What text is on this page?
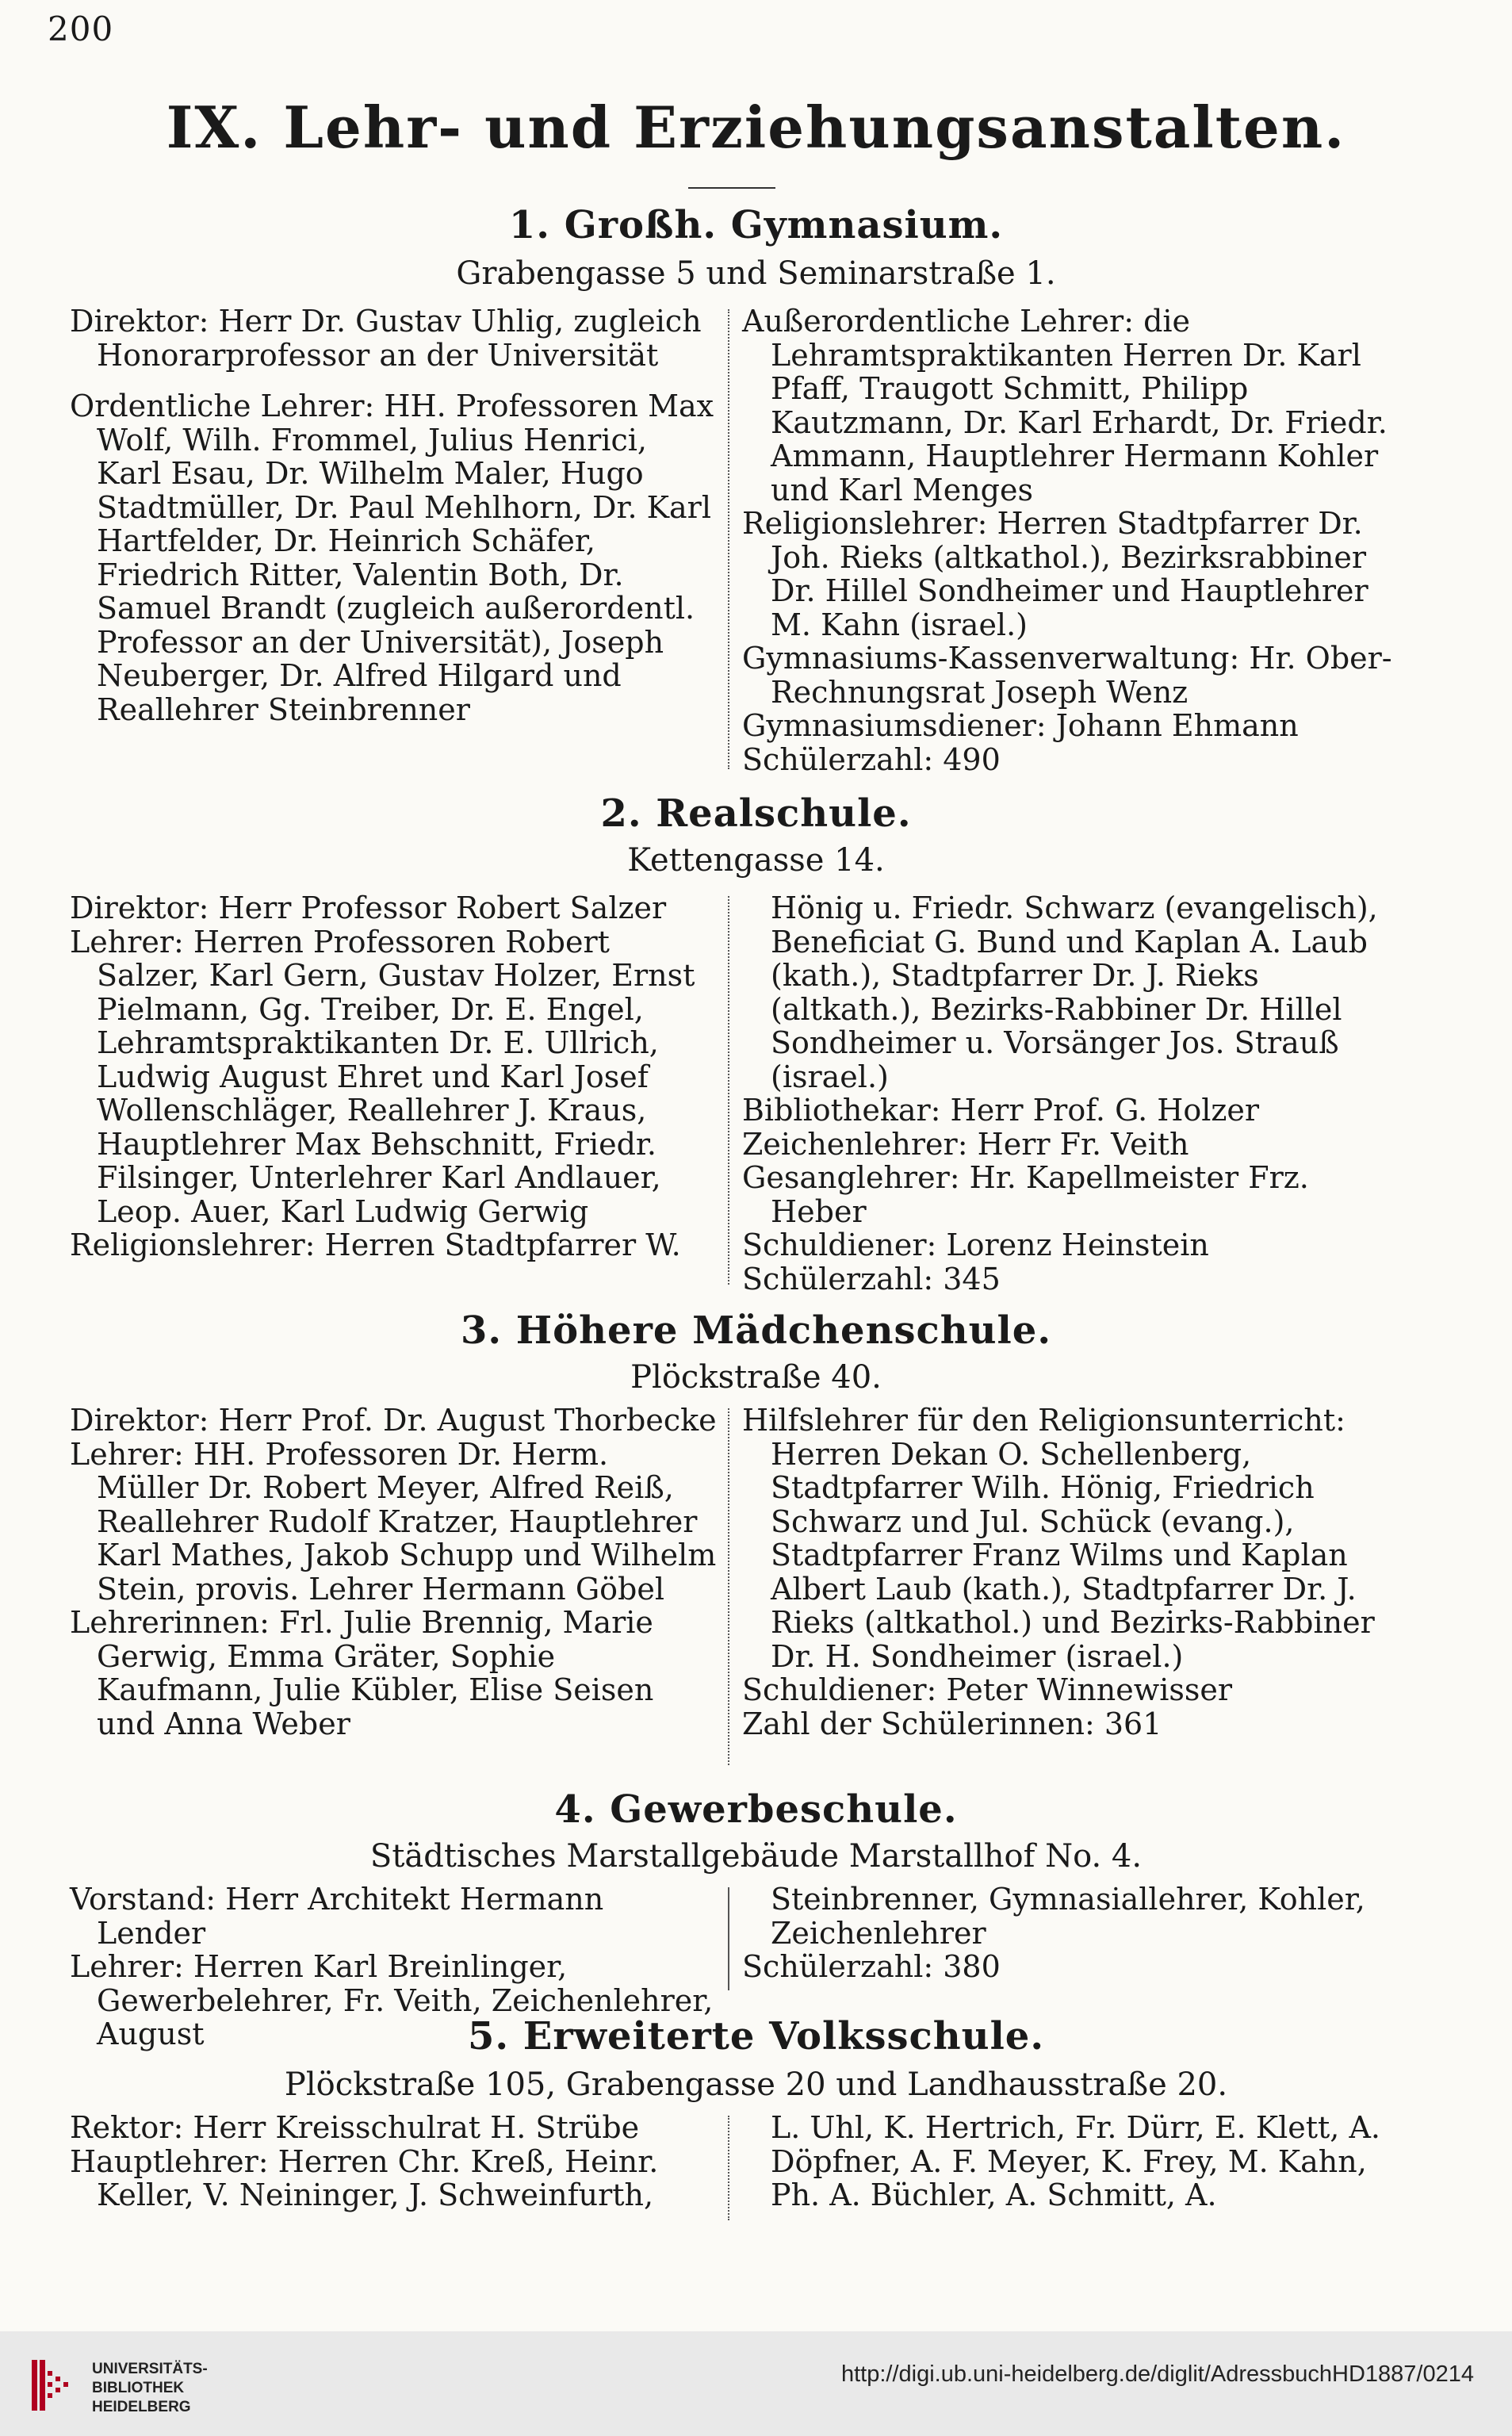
200
IX. Lehr- und Erziehungsanstalten.
1. Großh. Gymnasium.
Grabengasse 5 und Seminarstraße 1.

Direktor: Herr Dr. Gustav Uhlig, zugleich Honorarprofessor an der Universität

Ordentliche Lehrer: HH. Professoren Max Wolf, Wilh. Frommel, Julius Henrici, Karl Esau, Dr. Wilhelm Maler, Hugo Stadtmüller, Dr. Paul Mehlhorn, Dr. Karl Hartfelder, Dr. Heinrich Schäfer, Friedrich Ritter, Valentin Both, Dr. Samuel Brandt (zugleich außerordentl. Professor an der Universität), Joseph Neuberger, Dr. Alfred Hilgard und Reallehrer Steinbrenner

Außerordentliche Lehrer: die Lehramtspraktikanten Herren Dr. Karl Pfaff, Traugott Schmitt, Philipp Kautzmann, Dr. Karl Erhardt, Dr. Friedr. Ammann, Hauptlehrer Hermann Kohler und Karl Menges

Religionslehrer: Herren Stadtpfarrer Dr. Joh. Rieks (altkathol.), Bezirksrabbiner Dr. Hillel Sondheimer und Hauptlehrer M. Kahn (israel.)

Gymnasiums-Kassenverwaltung: Hr. Ober-Rechnungsrat Joseph Wenz

Gymnasiumsdiener: Johann Ehmann

Schülerzahl: 490

2. Realschule.
Kettengasse 14.

Direktor: Herr Professor Robert Salzer

Lehrer: Herren Professoren Robert Salzer, Karl Gern, Gustav Holzer, Ernst Pielmann, Gg. Treiber, Dr. E. Engel, Lehramtspraktikanten Dr. E. Ullrich, Ludwig August Ehret und Karl Josef Wollenschläger, Reallehrer J. Kraus, Hauptlehrer Max Behschnitt, Friedr. Filsinger, Unterlehrer Karl Andlauer, Leop. Auer, Karl Ludwig Gerwig

Religionslehrer: Herren Stadtpfarrer W.

Hönig u. Friedr. Schwarz (evangelisch), Beneficiat G. Bund und Kaplan A. Laub (kath.), Stadtpfarrer Dr. J. Rieks (altkath.), Bezirks-Rabbiner Dr. Hillel Sondheimer u. Vorsänger Jos. Strauß (israel.)

Bibliothekar: Herr Prof. G. Holzer

Zeichenlehrer: Herr Fr. Veith

Gesanglehrer: Hr. Kapellmeister Frz. Heber

Schuldiener: Lorenz Heinstein

Schülerzahl: 345

3. Höhere Mädchenschule.
Plöckstraße 40.

Direktor: Herr Prof. Dr. August Thorbecke

Lehrer: HH. Professoren Dr. Herm. Müller Dr. Robert Meyer, Alfred Reiß, Reallehrer Rudolf Kratzer, Hauptlehrer Karl Mathes, Jakob Schupp und Wilhelm Stein, provis. Lehrer Hermann Göbel

Lehrerinnen: Frl. Julie Brennig, Marie Gerwig, Emma Gräter, Sophie Kaufmann, Julie Kübler, Elise Seisen und Anna Weber

Hilfslehrer für den Religionsunterricht: Herren Dekan O. Schellenberg, Stadtpfarrer Wilh. Hönig, Friedrich Schwarz und Jul. Schück (evang.), Stadtpfarrer Franz Wilms und Kaplan Albert Laub (kath.), Stadtpfarrer Dr. J. Rieks (altkathol.) und Bezirks-Rabbiner Dr. H. Sondheimer (israel.)

Schuldiener: Peter Winnewisser

Zahl der Schülerinnen: 361

4. Gewerbeschule.
Städtisches Marstallgebäude Marstallhof No. 4.

Vorstand: Herr Architekt Hermann Lender

Lehrer: Herren Karl Breinlinger, Gewerbelehrer, Fr. Veith, Zeichenlehrer, August

Steinbrenner, Gymnasiallehrer, Kohler, Zeichenlehrer

Schülerzahl: 380

5. Erweiterte Volksschule.
Plöckstraße 105, Grabengasse 20 und Landhausstraße 20.

Rektor: Herr Kreisschulrat H. Strübe

Hauptlehrer: Herren Chr. Kreß, Heinr. Keller, V. Neininger, J. Schweinfurth,

L. Uhl, K. Hertrich, Fr. Dürr, E. Klett, A. Döpfner, A. F. Meyer, K. Frey, M. Kahn, Ph. A. Büchler, A. Schmitt, A.

UNIVERSITÄTS-
BIBLIOTHEK
HEIDELBERG
http://digi.ub.uni-heidelberg.de/diglit/AdressbuchHD1887/0214
